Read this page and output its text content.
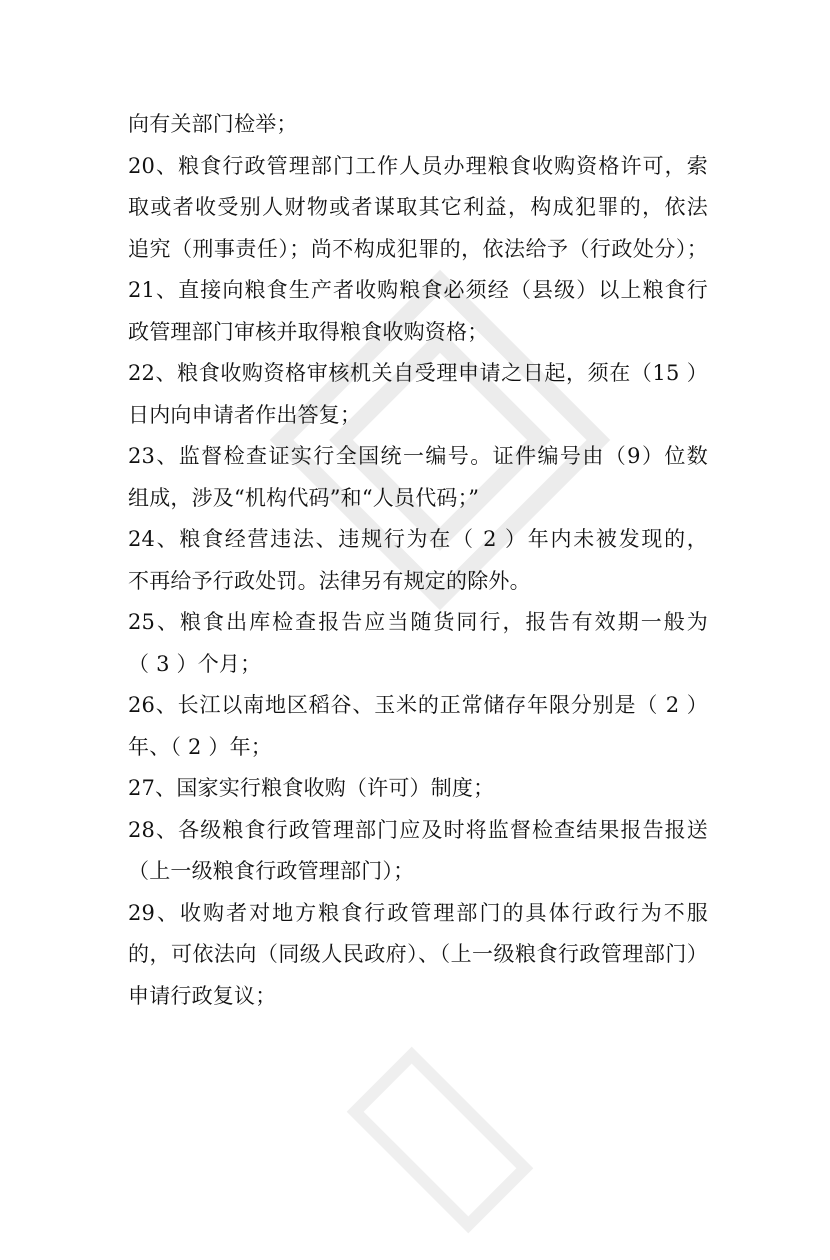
向有关部门检举；
20、粮食行政管理部门工作人员办理粮食收购资格许可，索
取或者收受别人财物或者谋取其它利益，构成犯罪的，依法
追究（刑事责任）；尚不构成犯罪的，依法给予（行政处分）；
21、直接向粮食生产者收购粮食必须经（县级）以上粮食行
政管理部门审核并取得粮食收购资格；
22、粮食收购资格审核机关自受理申请之日起，须在（15 ）
日内向申请者作出答复；
23、监督检查证实行全国统一编号。证件编号由（9）位数
组成，涉及“机构代码”和“人员代码；”
24、粮食经营违法、违规行为在（ 2 ）年内未被发现的，
不再给予行政处罚。法律另有规定的除外。
25、粮食出库检查报告应当随货同行，报告有效期一般为
（ 3 ）个月；
26、长江以南地区稻谷、玉米的正常储存年限分别是（ 2 ）
年、（ 2 ）年；
27、国家实行粮食收购（许可）制度；
28、各级粮食行政管理部门应及时将监督检查结果报告报送
（上一级粮食行政管理部门）；
29、收购者对地方粮食行政管理部门的具体行政行为不服
的，可依法向（同级人民政府）、（上一级粮食行政管理部门）
申请行政复议；
